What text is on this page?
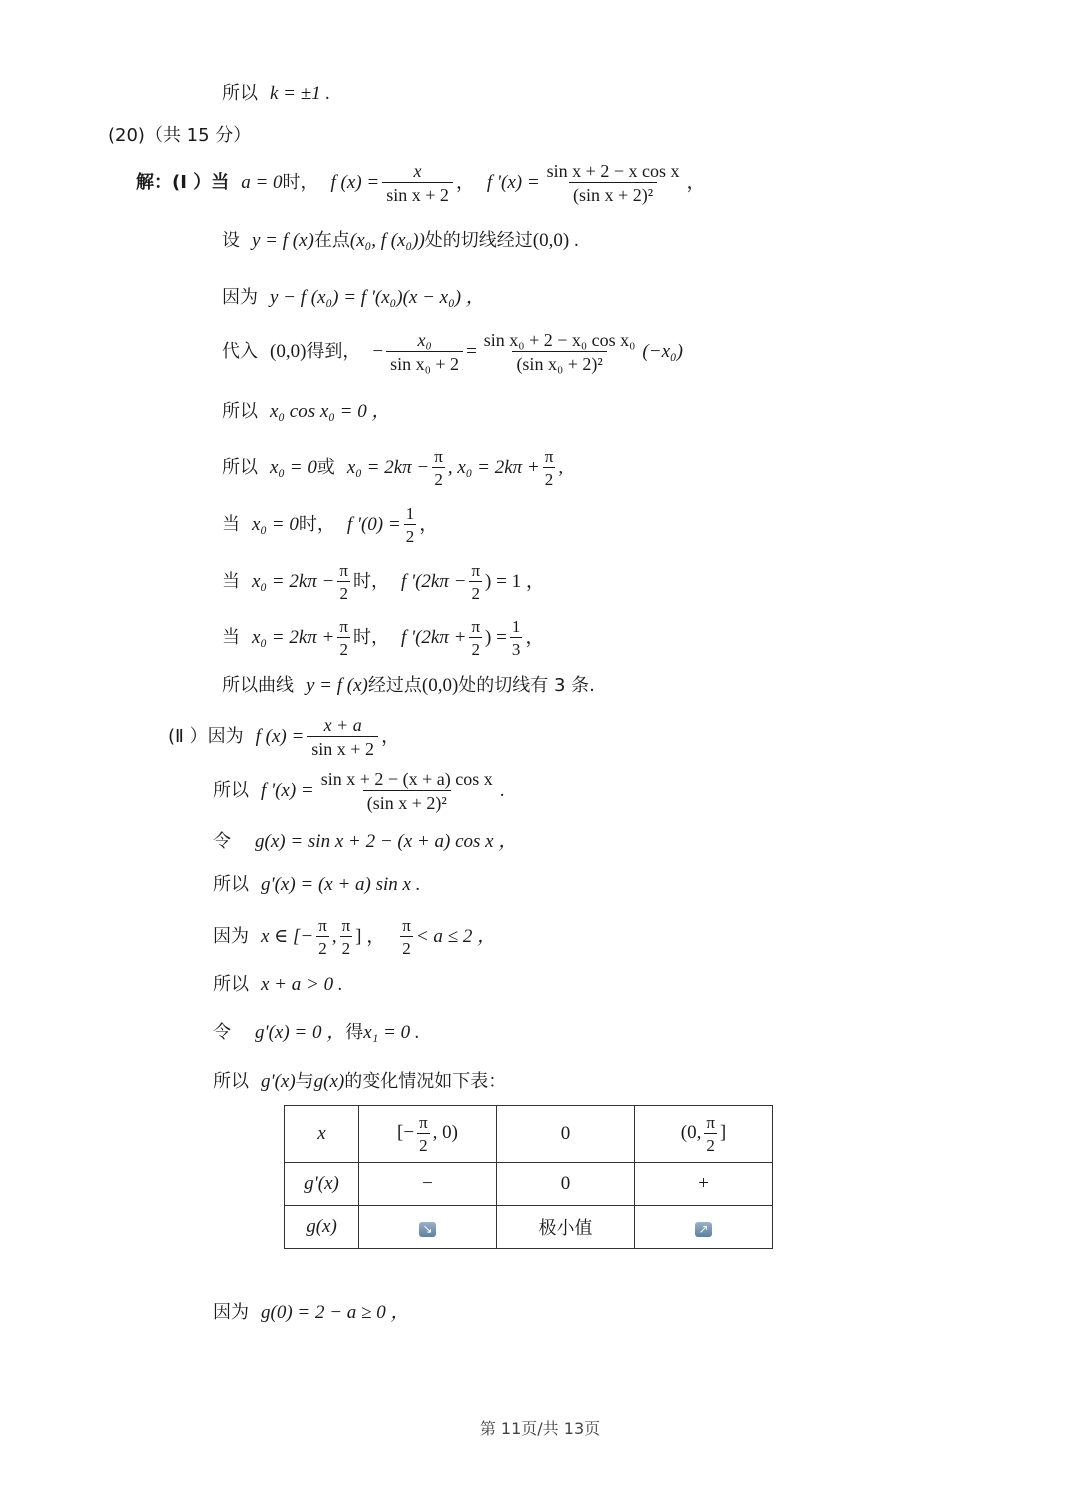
所以 k = ±1 .
(20)（共 15 分）
解：(Ⅰ ）当 a = 0 时， f $(x) = \frac{x}{\text{sin x + 2}}$ ， f '$(x) = \frac{\text{sin x + 2 − x cos x}}{\text{(sin x + 2)²}}$ ，
设 y = f (x) 在点 (x₀, f (x₀)) 处的切线经过 (0,0) .
因为 y − f (x₀) = f '(x₀)(x − x₀) ，
代入 (0,0) 得到， − $\frac{\text{x₀}}{\text{sin x₀ + 2}} = \frac{\text{sin x₀ + 2 − x₀ cos x₀}}{\text{(sin x₀ + 2)²}} (-x_0)$
所以 x₀ cos x₀ = 0 ，
所以 x₀ = 0 或 $x_0 = 2k\pi - \frac{\pi}{2}$ , $x_0 = 2k\pi + \frac{\pi}{2}$ ,
当 x₀ = 0 时， f '$(0) = \frac{1}{2}$ ，
当 $x_0 = 2k\pi - \frac{\pi}{2}$ 时， f '($2k\pi - \frac{\pi}{2}$ ) = 1 ，
当 $x_0 = 2k\pi + \frac{\pi}{2}$ 时， f '($2k\pi + \frac{\pi}{2}$ ) = $\frac{1}{3}$ ，
所以曲线 y = f (x) 经过点 (0,0) 处的切线有 3 条.
(Ⅱ ）因为 f $(x) = \frac{x + a}{\text{sin x + 2}}$ ，
所以 f '$(x) = \frac{\text{sin x + 2 − (x + a) cos x}}{\text{(sin x + 2)²}}$ .
令 g(x) = sin x + 2 − (x + a) cos x ，
所以 g'(x) = (x + a) sin x .
因为 x ∈ [− $\frac{\pi}{2}$ , $\frac{\pi}{2}$ ] ， $\frac{\pi}{2} < a \le 2$ ，
所以 x + a > 0 .
令 g'(x) = 0 ， 得 x₁ = 0 .
所以 g'(x) 与 g(x) 的变化情况如下表：
x	[− $\frac{\pi}{2}$ , 0)	0	(0, $\frac{\pi}{2}$ ]
g'(x)	−	0	+
g(x)	↘	极小值	↗
因为 g(0) = 2 − a ≥ 0 ，
第 11页/共 13页
